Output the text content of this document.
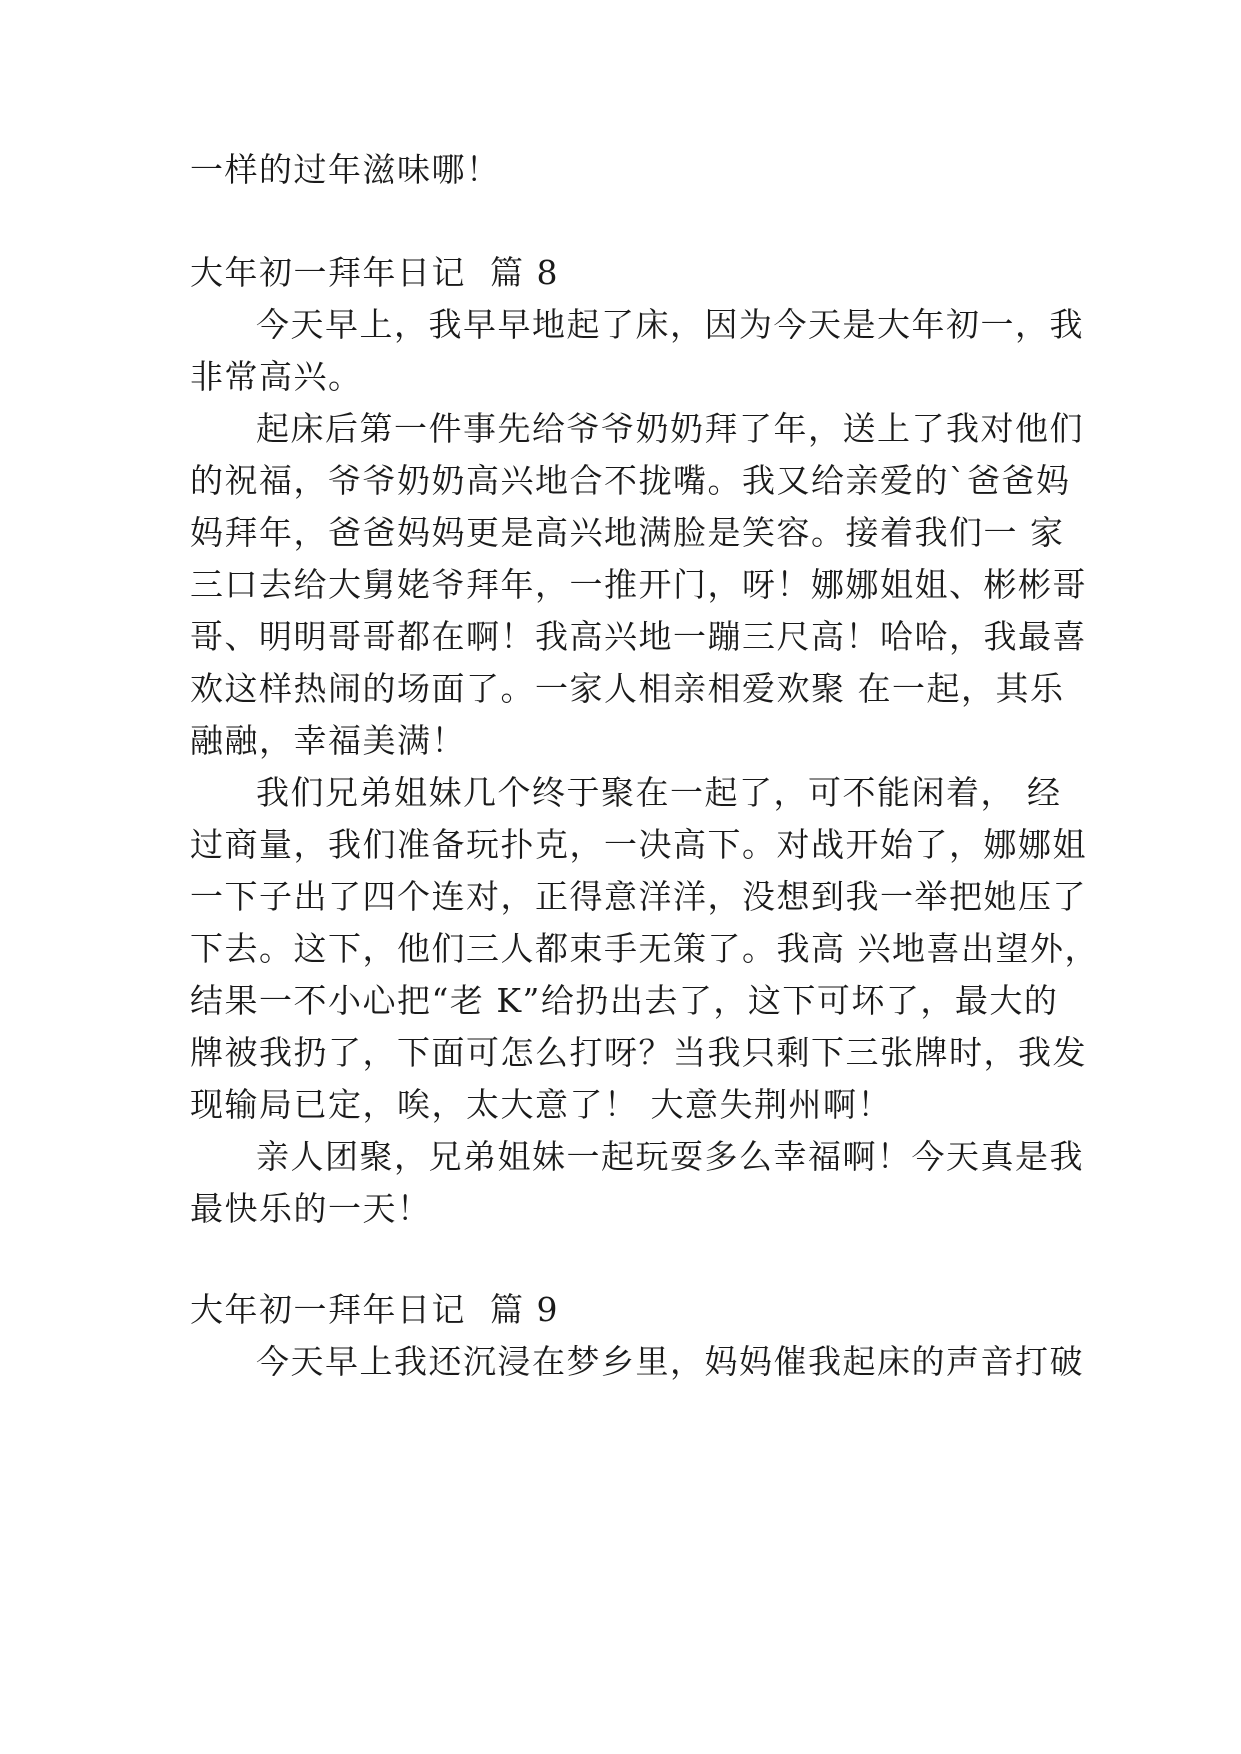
一样的过年滋味哪！
大年初一拜年日记  篇 8
今天早上，我早早地起了床，因为今天是大年初一，我
非常高兴。
起床后第一件事先给爷爷奶奶拜了年，送上了我对他们
的祝福，爷爷奶奶高兴地合不拢嘴。我又给亲爱的`爸爸妈
妈拜年，爸爸妈妈更是高兴地满脸是笑容。接着我们一 家
三口去给大舅姥爷拜年，一推开门，呀！娜娜姐姐、彬彬哥
哥、明明哥哥都在啊！我高兴地一蹦三尺高！哈哈，我最喜
欢这样热闹的场面了。一家人相亲相爱欢聚 在一起，其乐
融融，幸福美满！
我们兄弟姐妹几个终于聚在一起了，可不能闲着， 经
过商量，我们准备玩扑克，一决高下。对战开始了，娜娜姐
一下子出了四个连对，正得意洋洋，没想到我一举把她压了
下去。这下，他们三人都束手无策了。我高 兴地喜出望外，
结果一不小心把“老 K”给扔出去了，这下可坏了，最大的
牌被我扔了，下面可怎么打呀？当我只剩下三张牌时，我发
现输局已定，唉，太大意了！ 大意失荆州啊！
亲人团聚，兄弟姐妹一起玩耍多么幸福啊！今天真是我
最快乐的一天！
大年初一拜年日记  篇 9
今天早上我还沉浸在梦乡里，妈妈催我起床的声音打破
